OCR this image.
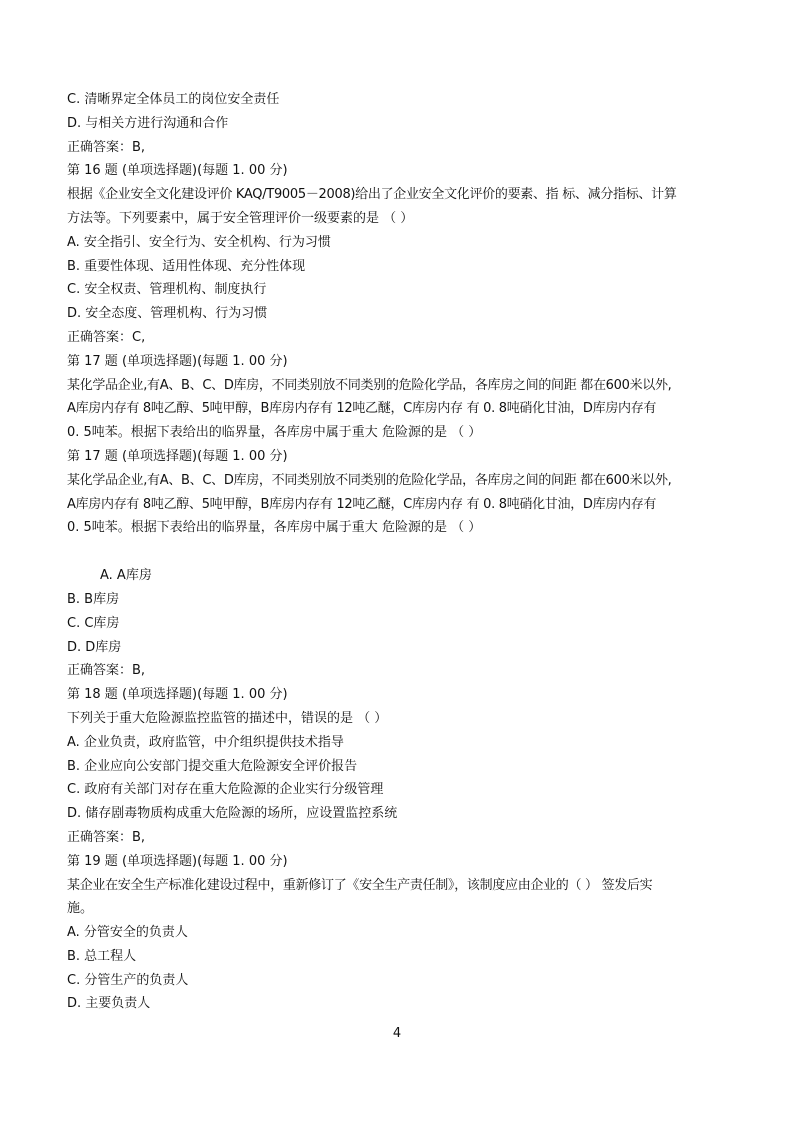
C. 清晰界定全体员工的岗位安全责任
D. 与相关方进行沟通和合作
正确答案：B,
第 16 题 (单项选择题)(每题 1. 00 分)
根据《企业安全文化建设评价 KAQ/T9005－2008)给出了企业安全文化评价的要素、指 标、减分指标、计算
方法等。下列要素中，属于安全管理评价一级要素的是 （ ）
A. 安全指引、安全行为、安全机构、行为习惯
B. 重要性体现、适用性体现、充分性体现
C. 安全权责、管理机构、制度执行
D. 安全态度、管理机构、行为习惯
正确答案：C,
第 17 题 (单项选择题)(每题 1. 00 分)
某化学品企业,有A、B、C、D库房，不同类别放不同类别的危险化学品，各库房之间的间距 都在600米以外,
A库房内存有 8吨乙醇、5吨甲醇，B库房内存有 12吨乙醚，C库房内存 有 0. 8吨硝化甘油，D库房内存有
0. 5吨苯。根据下表给出的临界量，各库房中属于重大 危险源的是 （ ）
第 17 题 (单项选择题)(每题 1. 00 分)
某化学品企业,有A、B、C、D库房，不同类别放不同类别的危险化学品，各库房之间的间距 都在600米以外,
A库房内存有 8吨乙醇、5吨甲醇，B库房内存有 12吨乙醚，C库房内存 有 0. 8吨硝化甘油，D库房内存有
0. 5吨苯。根据下表给出的临界量，各库房中属于重大 危险源的是 （ ）
A. A库房
B. B库房
C. C库房
D. D库房
正确答案：B,
第 18 题 (单项选择题)(每题 1. 00 分)
下列关于重大危险源监控监管的描述中，错误的是 （ ）
A. 企业负责，政府监管，中介组织提供技术指导
B. 企业应向公安部门提交重大危险源安全评价报告
C. 政府有关部门对存在重大危险源的企业实行分级管理
D. 储存剧毒物质构成重大危险源的场所，应设置监控系统
正确答案：B,
第 19 题 (单项选择题)(每题 1. 00 分)
某企业在安全生产标准化建设过程中，重新修订了《安全生产责任制》，该制度应由企业的（ ） 签发后实
施。
A. 分管安全的负责人
B. 总工程人
C. 分管生产的负责人
D. 主要负责人
4
